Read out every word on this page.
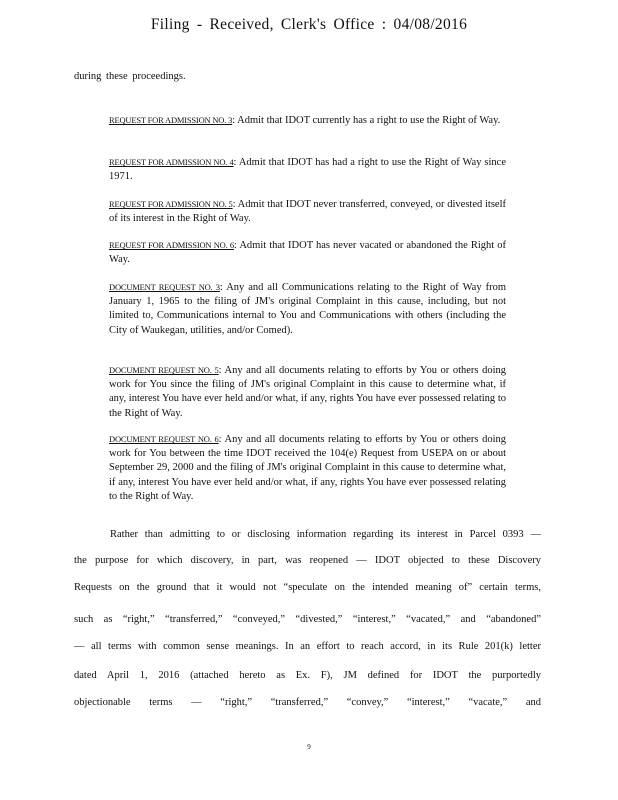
Filing - Received, Clerk's Office : 04/08/2016
during these proceedings.
REQUEST FOR ADMISSION NO. 3: Admit that IDOT currently has a right to use the Right of Way.
REQUEST FOR ADMISSION NO. 4: Admit that IDOT has had a right to use the Right of Way since 1971.
REQUEST FOR ADMISSION NO. 5: Admit that IDOT never transferred, conveyed, or divested itself of its interest in the Right of Way.
REQUEST FOR ADMISSION NO. 6: Admit that IDOT has never vacated or abandoned the Right of Way.
DOCUMENT REQUEST NO. 3: Any and all Communications relating to the Right of Way from January 1, 1965 to the filing of JM's original Complaint in this cause, including, but not limited to, Communications internal to You and Communications with others (including the City of Waukegan, utilities, and/or Comed).
DOCUMENT REQUEST NO. 5: Any and all documents relating to efforts by You or others doing work for You since the filing of JM's original Complaint in this cause to determine what, if any, interest You have ever held and/or what, if any, rights You have ever possessed relating to the Right of Way.
DOCUMENT REQUEST NO. 6: Any and all documents relating to efforts by You or others doing work for You between the time IDOT received the 104(e) Request from USEPA on or about September 29, 2000 and the filing of JM's original Complaint in this cause to determine what, if any, interest You have ever held and/or what, if any, rights You have ever possessed relating to the Right of Way.
Rather than admitting to or disclosing information regarding its interest in Parcel 0393 —
the purpose for which discovery, in part, was reopened — IDOT objected to these Discovery
Requests on the ground that it would not “speculate on the intended meaning of” certain terms,
such as “right,” “transferred,” “conveyed,” “divested,” “interest,” “vacated,” and “abandoned”
— all terms with common sense meanings. In an effort to reach accord, in its Rule 201(k) letter
dated April 1, 2016 (attached hereto as Ex. F), JM defined for IDOT the purportedly
objectionable terms — “right,” “transferred,” “convey,” “interest,” “vacate,” and
9
